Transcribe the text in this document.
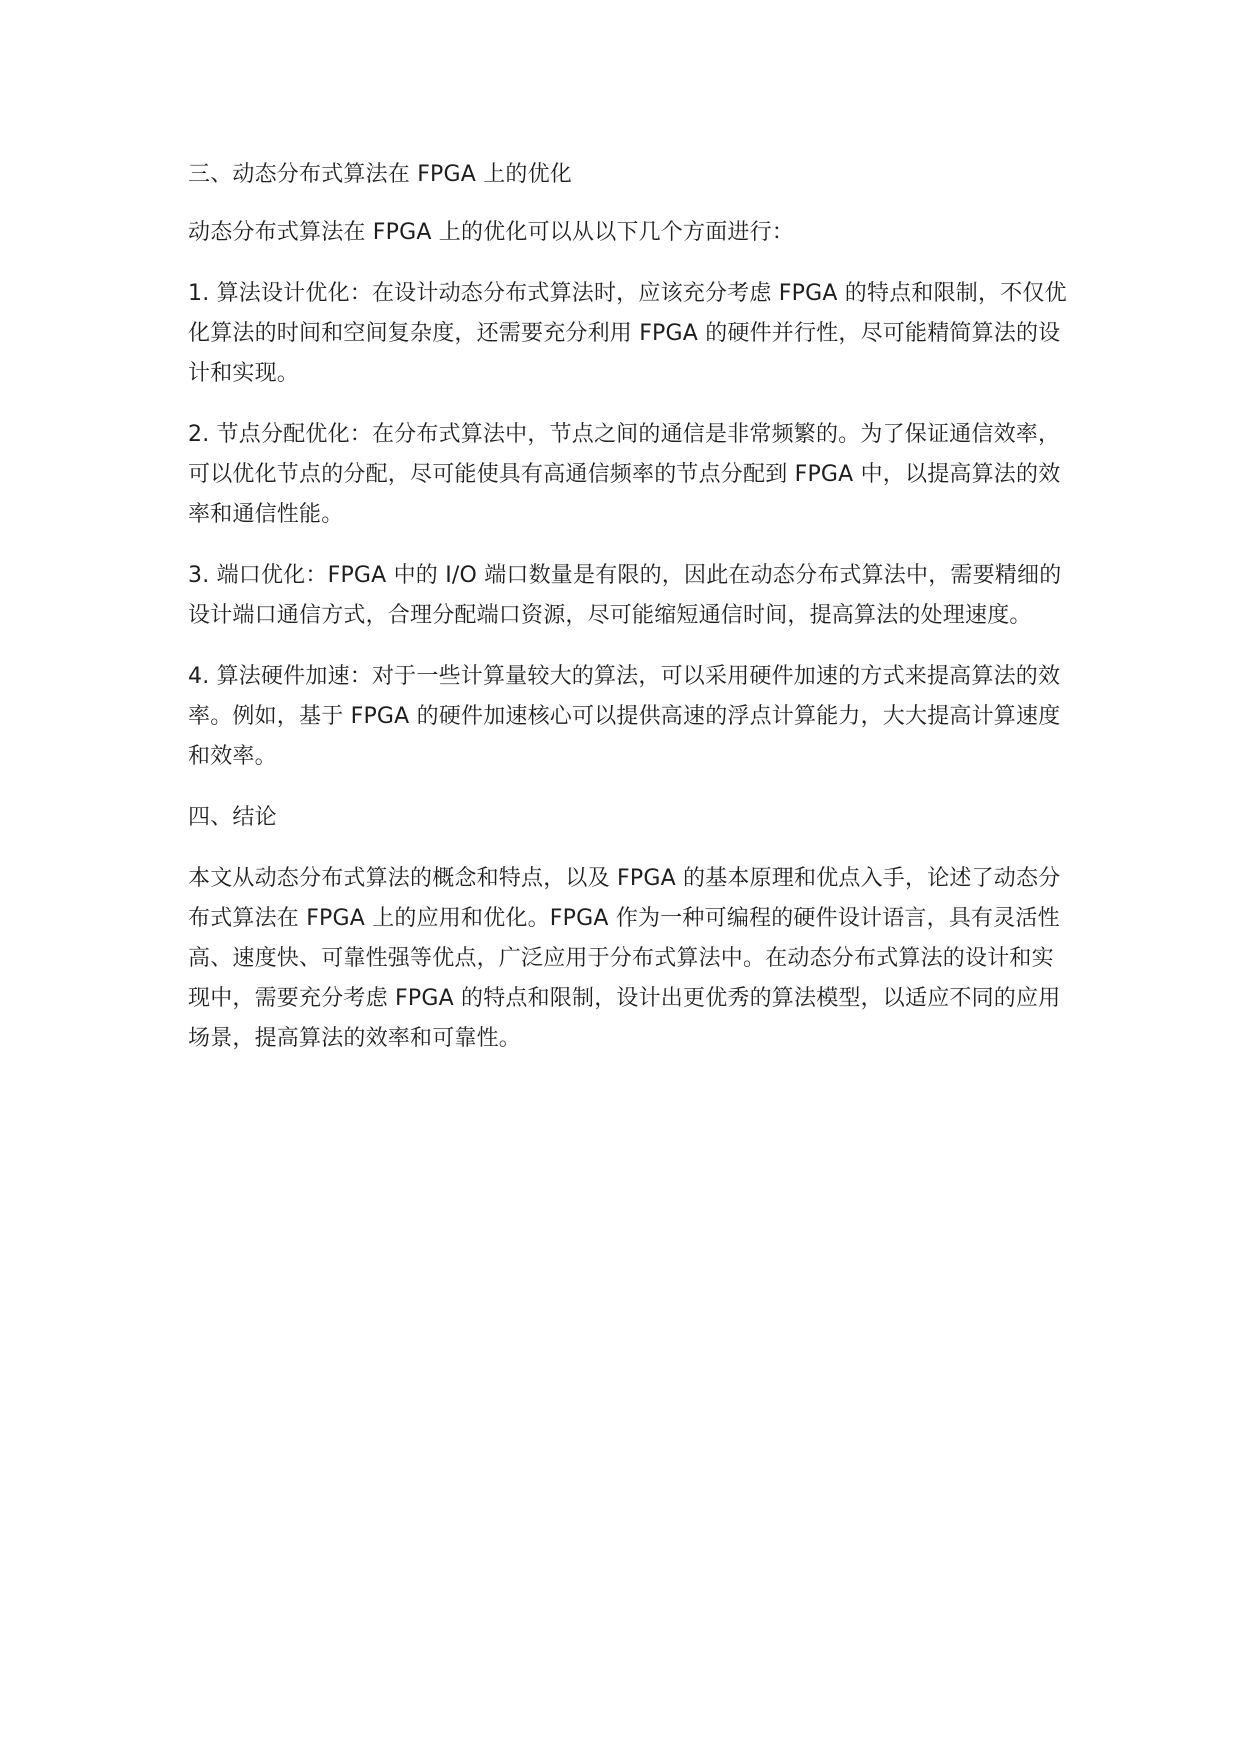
三、动态分布式算法在 FPGA 上的优化

动态分布式算法在 FPGA 上的优化可以从以下几个方面进行：

1. 算法设计优化：在设计动态分布式算法时，应该充分考虑 FPGA 的特点和限制，不仅优化算法的时间和空间复杂度，还需要充分利用 FPGA 的硬件并行性，尽可能精简算法的设计和实现。

2. 节点分配优化：在分布式算法中，节点之间的通信是非常频繁的。为了保证通信效率，可以优化节点的分配，尽可能使具有高通信频率的节点分配到 FPGA 中，以提高算法的效率和通信性能。

3. 端口优化：FPGA 中的 I/O 端口数量是有限的，因此在动态分布式算法中，需要精细的设计端口通信方式，合理分配端口资源，尽可能缩短通信时间，提高算法的处理速度。

4. 算法硬件加速：对于一些计算量较大的算法，可以采用硬件加速的方式来提高算法的效率。例如，基于 FPGA 的硬件加速核心可以提供高速的浮点计算能力，大大提高计算速度和效率。

四、结论

本文从动态分布式算法的概念和特点，以及 FPGA 的基本原理和优点入手，论述了动态分布式算法在 FPGA 上的应用和优化。FPGA 作为一种可编程的硬件设计语言，具有灵活性高、速度快、可靠性强等优点，广泛应用于分布式算法中。在动态分布式算法的设计和实现中，需要充分考虑 FPGA 的特点和限制，设计出更优秀的算法模型，以适应不同的应用场景，提高算法的效率和可靠性。
